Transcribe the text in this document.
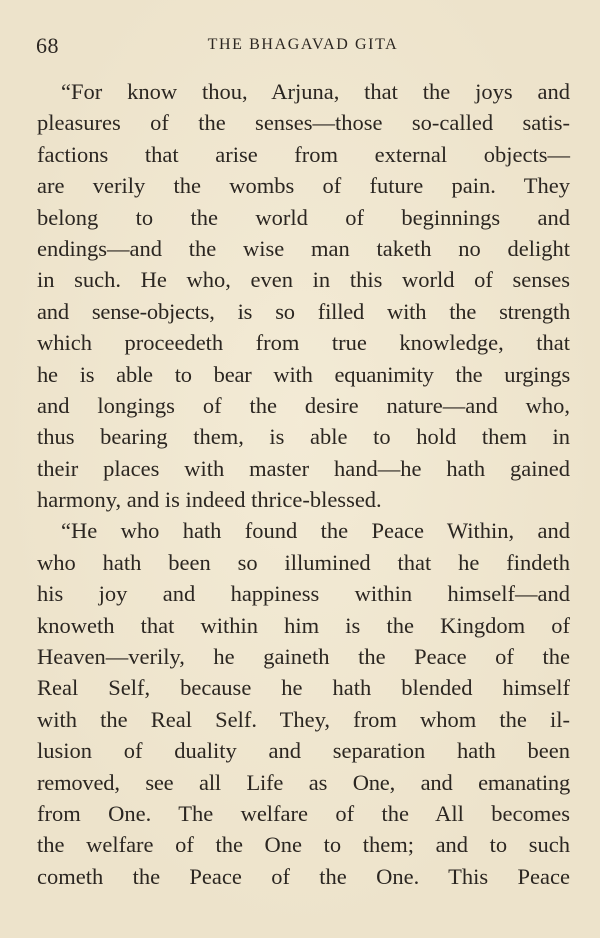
68	THE BHAGAVAD GITA
“For know thou, Arjuna, that the joys and
pleasures of the senses—those so-called satis-
factions that arise from external objects—
are verily the wombs of future pain. They
belong to the world of beginnings and
endings—and the wise man taketh no delight
in such. He who, even in this world of senses
and sense-objects, is so filled with the strength
which proceedeth from true knowledge, that
he is able to bear with equanimity the urgings
and longings of the desire nature—and who,
thus bearing them, is able to hold them in
their places with master hand—he hath gained
harmony, and is indeed thrice-blessed.
“He who hath found the Peace Within, and
who hath been so illumined that he findeth
his joy and happiness within himself—and
knoweth that within him is the Kingdom of
Heaven—verily, he gaineth the Peace of the
Real Self, because he hath blended himself
with the Real Self. They, from whom the il-
lusion of duality and separation hath been
removed, see all Life as One, and emanating
from One. The welfare of the All becomes
the welfare of the One to them; and to such
cometh the Peace of the One. This Peace
